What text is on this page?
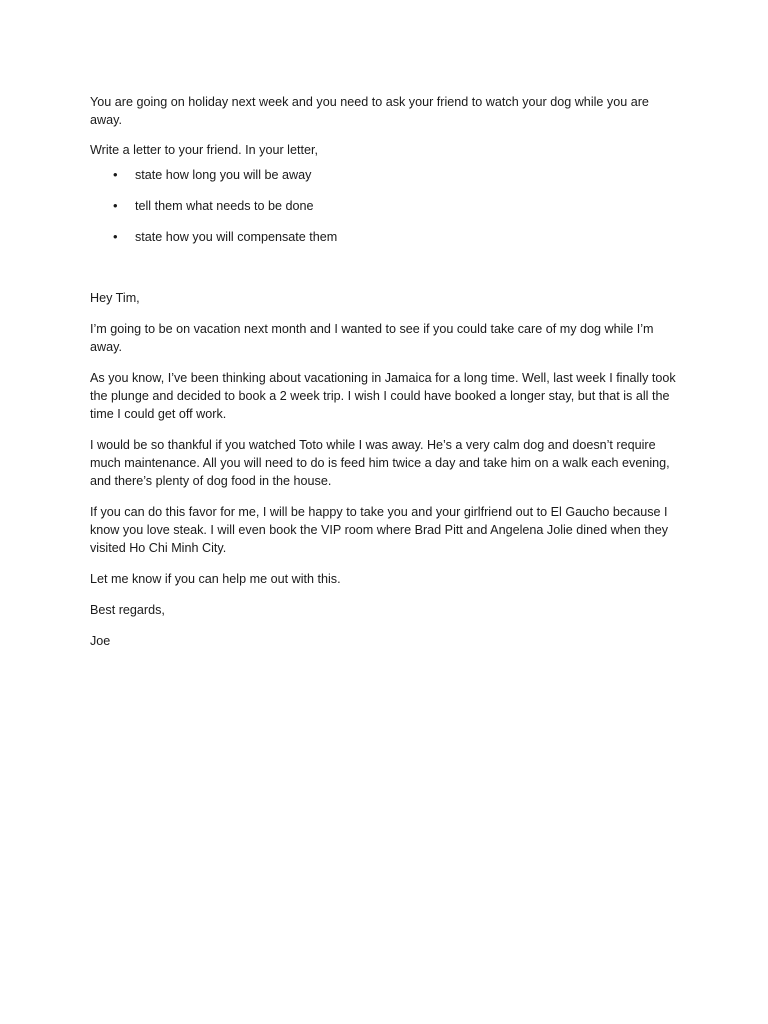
You are going on holiday next week and you need to ask your friend to watch your dog while you are away.

Write a letter to your friend. In your letter,

• state how long you will be away
• tell them what needs to be done
• state how you will compensate them

Hey Tim,

I’m going to be on vacation next month and I wanted to see if you could take care of my dog while I’m away.

As you know, I’ve been thinking about vacationing in Jamaica for a long time. Well, last week I finally took the plunge and decided to book a 2 week trip. I wish I could have booked a longer stay, but that is all the time I could get off work.

I would be so thankful if you watched Toto while I was away. He’s a very calm dog and doesn’t require much maintenance. All you will need to do is feed him twice a day and take him on a walk each evening, and there’s plenty of dog food in the house.

If you can do this favor for me, I will be happy to take you and your girlfriend out to El Gaucho because I know you love steak. I will even book the VIP room where Brad Pitt and Angelena Jolie dined when they visited Ho Chi Minh City.

Let me know if you can help me out with this.

Best regards,

Joe
